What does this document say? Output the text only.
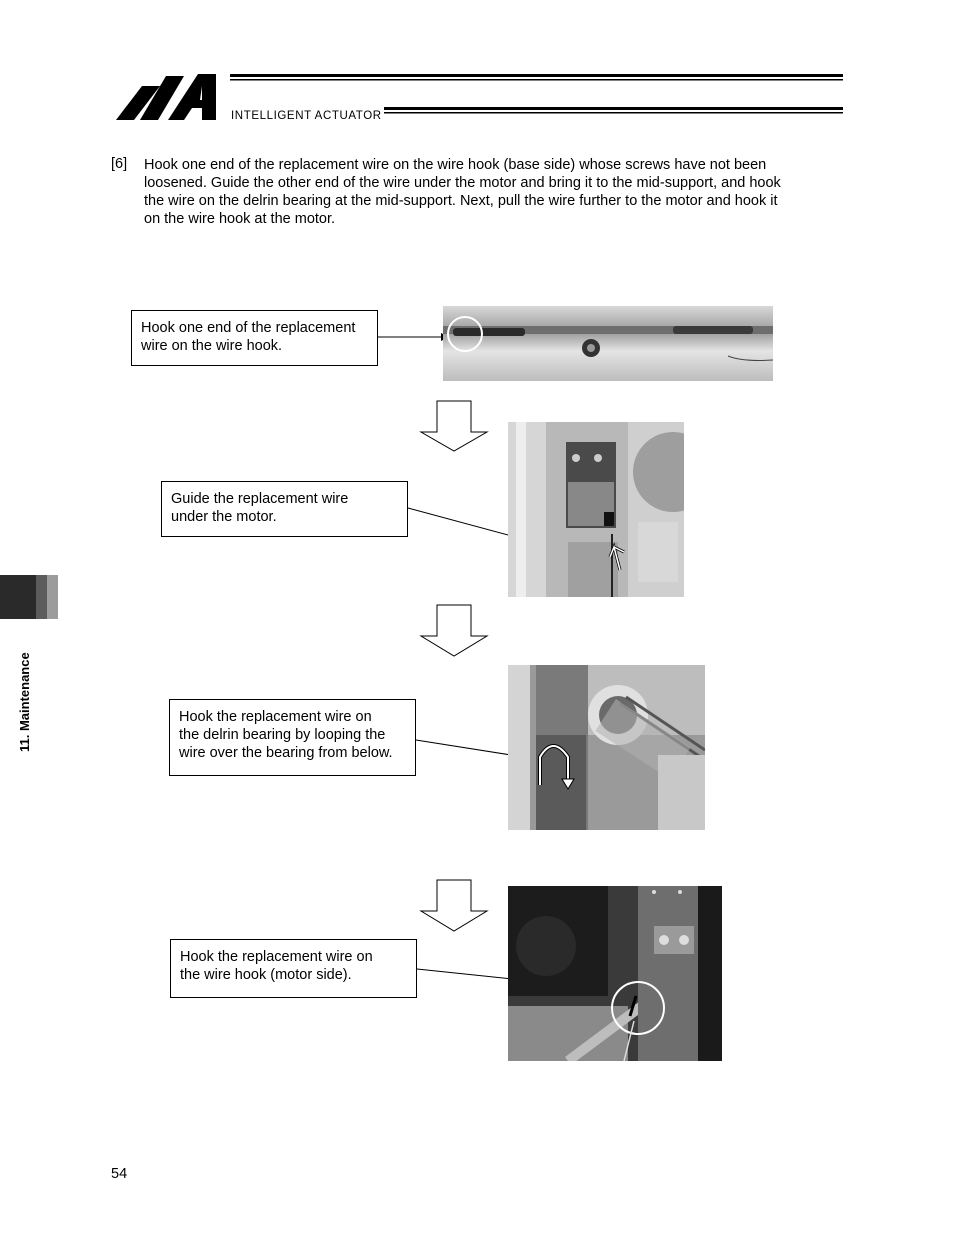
INTELLIGENT ACTUATOR
[6] Hook one end of the replacement wire on the wire hook (base side) whose screws have not been
loosened. Guide the other end of the wire under the motor and bring it to the mid-support, and hook
the wire on the delrin bearing at the mid-support. Next, pull the wire further to the motor and hook it
on the wire hook at the motor.
Hook one end of the replacement
wire on the wire hook.
Guide the replacement wire
under the motor.
Hook the replacement wire on
the delrin bearing by looping the
wire over the bearing from below.
Hook the replacement wire on
the wire hook (motor side).
11. Maintenance
54
